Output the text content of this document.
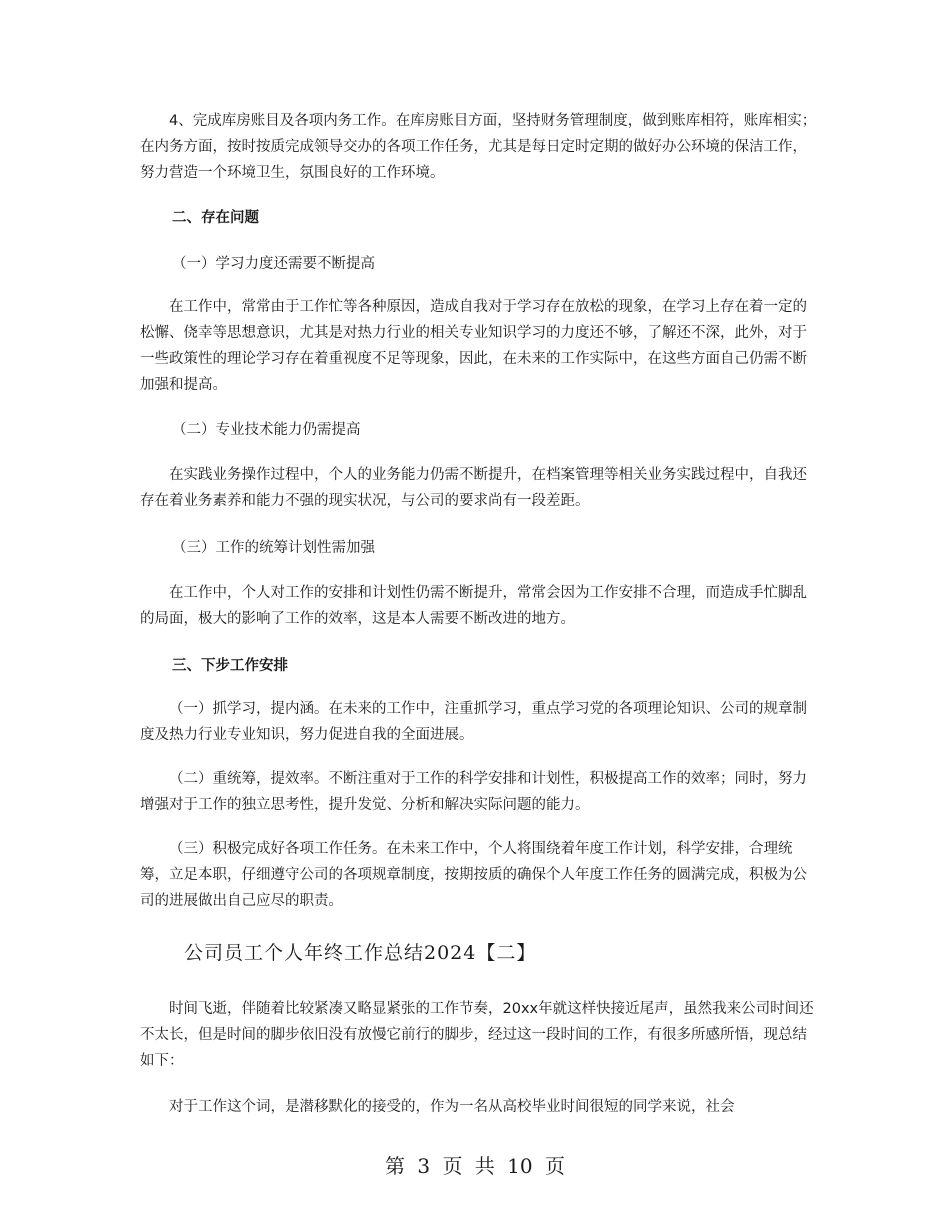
4、完成库房账目及各项内务工作。在库房账目方面，坚持财务管理制度，做到账库相符，账库相实；在内务方面，按时按质完成领导交办的各项工作任务，尤其是每日定时定期的做好办公环境的保洁工作，努力营造一个环境卫生，氛围良好的工作环境。

二、存在问题

（一）学习力度还需要不断提高

在工作中，常常由于工作忙等各种原因，造成自我对于学习存在放松的现象，在学习上存在着一定的松懈、侥幸等思想意识，尤其是对热力行业的相关专业知识学习的力度还不够，了解还不深，此外，对于一些政策性的理论学习存在着重视度不足等现象，因此，在未来的工作实际中，在这些方面自己仍需不断加强和提高。

（二）专业技术能力仍需提高

在实践业务操作过程中，个人的业务能力仍需不断提升，在档案管理等相关业务实践过程中，自我还存在着业务素养和能力不强的现实状况，与公司的要求尚有一段差距。

（三）工作的统筹计划性需加强

在工作中，个人对工作的安排和计划性仍需不断提升，常常会因为工作安排不合理，而造成手忙脚乱的局面，极大的影响了工作的效率，这是本人需要不断改进的地方。

三、下步工作安排

（一）抓学习，提内涵。在未来的工作中，注重抓学习，重点学习党的各项理论知识、公司的规章制度及热力行业专业知识，努力促进自我的全面进展。

（二）重统筹，提效率。不断注重对于工作的科学安排和计划性，积极提高工作的效率；同时，努力增强对于工作的独立思考性，提升发觉、分析和解决实际问题的能力。

（三）积极完成好各项工作任务。在未来工作中，个人将围绕着年度工作计划，科学安排，合理统筹，立足本职，仔细遵守公司的各项规章制度，按期按质的确保个人年度工作任务的圆满完成，积极为公司的进展做出自己应尽的职责。

公司员工个人年终工作总结2024【二】

时间飞逝，伴随着比较紧凑又略显紧张的工作节奏，20xx年就这样快接近尾声，虽然我来公司时间还不太长，但是时间的脚步依旧没有放慢它前行的脚步，经过这一段时间的工作，有很多所感所悟，现总结如下：

对于工作这个词，是潜移默化的接受的，作为一名从高校毕业时间很短的同学来说，社会

第 3 页 共 10 页
